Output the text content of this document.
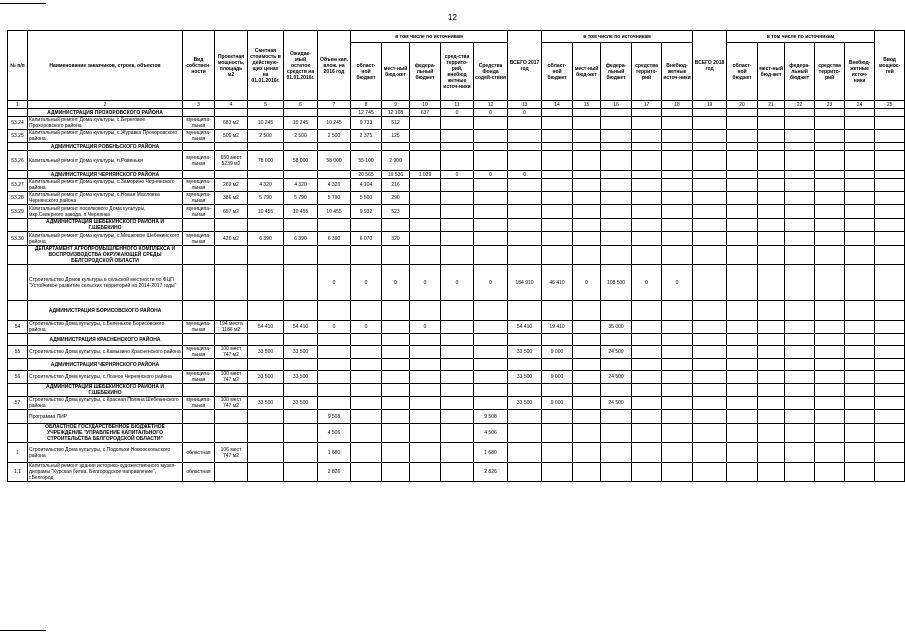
12
№ п/п	Наименование заказчиков, строек, объектов	Вид собствен-ности	Проектная мощность, площадь м2	Сметная стоимость в действую-щих ценах на 01.01.2016г.	Ожидае-мый остаток средств на 01.01.2016г.	Объем кап. влож. на 2016 год	в том числе по источникам					ВСЕГО 2017 год	в том числе по источникам					ВСЕГО 2018 год	в том числе по источникам					Ввод мощнос-тей	
							област-ной бюджет	мест-ный бюд-жет	федера-льный бюджет	сред-ства террито-рий, внебюд жетные источ-ники	Средства Фонда содей-ствия		област-ной бюджет	мест-ный бюд-жет	федера-льный бюджет	средства террито-рий	Внебюд-жетные источ-ники		област-ной бюджет	мест-ный бюд-жет	федера-льный бюджет	средства террито-рий	Внебюд-жетные источ-ники		
1	2	3	4	5	6	7	8	9	10	11	12	13	14	15	16	17	18	19	20	21	22	23	24	25	
	АДМИНИСТРАЦИЯ ПРОХОРОВСКОГО РАЙОНА						12 745	12 108	637	0	0	0													
53.24	Капитальный ремонт Дома культуры, с.Береговое Прохоровского района	муниципа-льная	683 м2	10 245	10 245	10 245	9 733	512																	
53.25	Капитальный ремонт Дома культуры, с.Журавка Прохоровского района	муниципа-льная	500 м2	2 500	2 500	2 500	2 375	125																	
	АДМИНИСТРАЦИЯ РОВЕНЬСКОГО РАЙОНА																								
53.26	Капитальный ремонт Дома культуры, п.Ровеньки	муниципа-льная	650 мест 5239 м2	78 000	58 000	58 000	55 100	2 900																	
	АДМИНИСТРАЦИЯ ЧЕРНЯНСКОГО РАЙОНА						20 565	19 536	1 029	0	0	0													
53.27	Капитальный ремонт Дома культуры, с.Заморино Чернянского района	муниципа-льная	269 м2	4 320	4 320	4 320	4 104	216																	
53.28	Капитальный ремонт Дома культуры, с.Новая Масловка Чернянского района	муниципа-льная	386 м2	5 790	5 790	5 790	5 500	290																	
53.29	Капитальный ремонт поселкового Дома культуры, мкр.Северного завода, п.Чернянка	муниципа-льная	697 м2	10 455	10 455	10 455	9 932	523																	
	АДМИНИСТРАЦИЯ ШЕБЕКИНСКОГО РАЙОНА И Г.ШЕБЕКИНО																								
53.30	Капитальный ремонт Дома культуры, с.Мешковое Шебекинского района	муниципа-льная	426 м2	6 390	6 390	6 390	6 070	320																	
	ДЕПАРТАМЕНТ АГРОПРОМЫШЛЕННОГО КОМПЛЕКСА И ВОСПРОИЗВОДСТВА ОКРУЖАЮЩЕЙ СРЕДЫ БЕЛГОРОДСКОЙ ОБЛАСТИ																								
	Строительство Домов культуры в сельской местности по ФЦП "Устойчивое развитие сельских территорий на 2014-2017 годы"					0	0	0	0	0	0	184 910	46 410	0	108 500	0	0								
	АДМИНИСТРАЦИЯ БОРИСОВСКОГО РАЙОНА																								
54	Строительство Дома культуры, с.Беленькое Борисовского района	муниципа-льная	194 места 1186 м2	54 410	54 410	0	0		0			54 410	19 410		35 000										
	АДМИНИСТРАЦИЯ КРАСНЕНСКОГО РАЙОНА																								
55	Строительство Дома культуры, с.Камызино Красненского района	муниципа-льная	100 мест 747 м2	33 500	33 500							33 500	9 000		24 500										
	АДМИНИСТРАЦИЯ ЧЕРНЯНСКОГО РАЙОНА																								
56	Строительство Дома культуры, с.Лозное Чернянского района	муниципа-льная	100 мест 747 м2	33 500	33 500							33 500	9 000		24 500										
	АДМИНИСТРАЦИЯ ШЕБЕКИНСКОГО РАЙОНА И Г.ШЕБЕКИНО																								
57	Строительство Дома культуры, с.Красная Поляна Шебекинского района	муниципа-льная	100 мест 747 м2	33 500	33 500							33 500	9 000		24 500										
	Программа ПИР					9 508					9 508														
	ОБЛАСТНОЕ ГОСУДАРСТВЕННОЕ БЮДЖЕТНОЕ УЧРЕЖДЕНИЕ "УПРАВЛЕНИЕ КАПИТАЛЬНОГО СТРОИТЕЛЬСТВА БЕЛГОРОДСКОЙ ОБЛАСТИ"					4 506					4 506														
1	Строительство Дома культуры, с.Подольхи Новооскольского района	областная	106 мест 747 м2			1 680					1 680														
1.1	Капитальный ремонт здания историко-художественного музея-диорамы "Курская битва. Белгородское направление", г.Белгород	областная				2 826					2 826														
